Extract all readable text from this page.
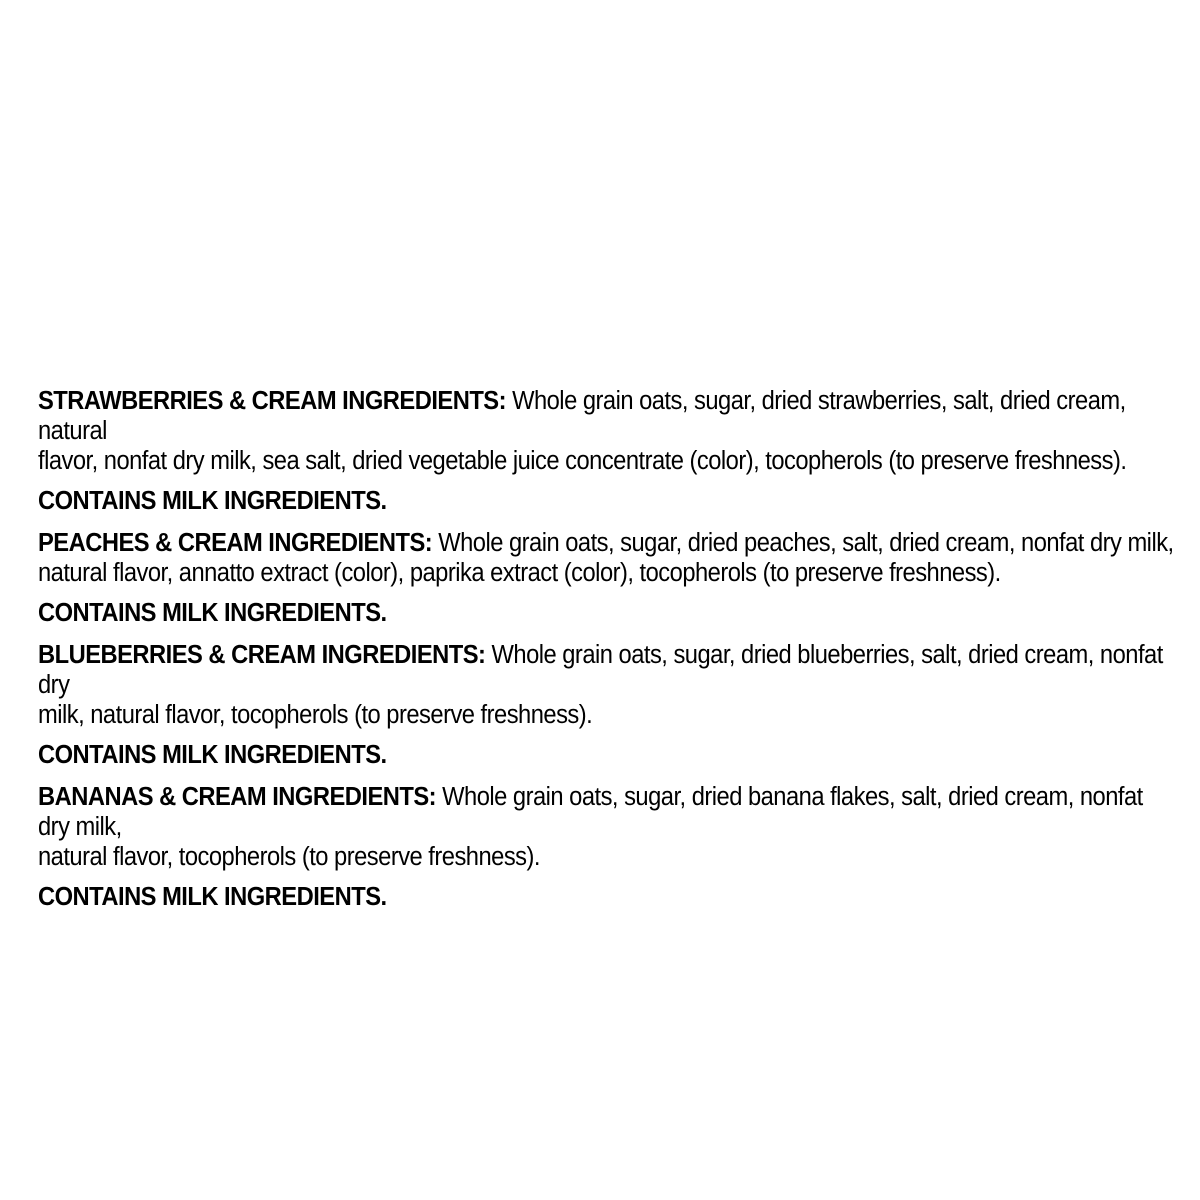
STRAWBERRIES & CREAM INGREDIENTS: Whole grain oats, sugar, dried strawberries, salt, dried cream, natural
flavor, nonfat dry milk, sea salt, dried vegetable juice concentrate (color), tocopherols (to preserve freshness).

CONTAINS MILK INGREDIENTS.

PEACHES & CREAM INGREDIENTS: Whole grain oats, sugar, dried peaches, salt, dried cream, nonfat dry milk,
natural flavor, annatto extract (color), paprika extract (color), tocopherols (to preserve freshness).

CONTAINS MILK INGREDIENTS.

BLUEBERRIES & CREAM INGREDIENTS: Whole grain oats, sugar, dried blueberries, salt, dried cream, nonfat dry
milk, natural flavor, tocopherols (to preserve freshness).

CONTAINS MILK INGREDIENTS.

BANANAS & CREAM INGREDIENTS: Whole grain oats, sugar, dried banana flakes, salt, dried cream, nonfat dry milk,
natural flavor, tocopherols (to preserve freshness).

CONTAINS MILK INGREDIENTS.
